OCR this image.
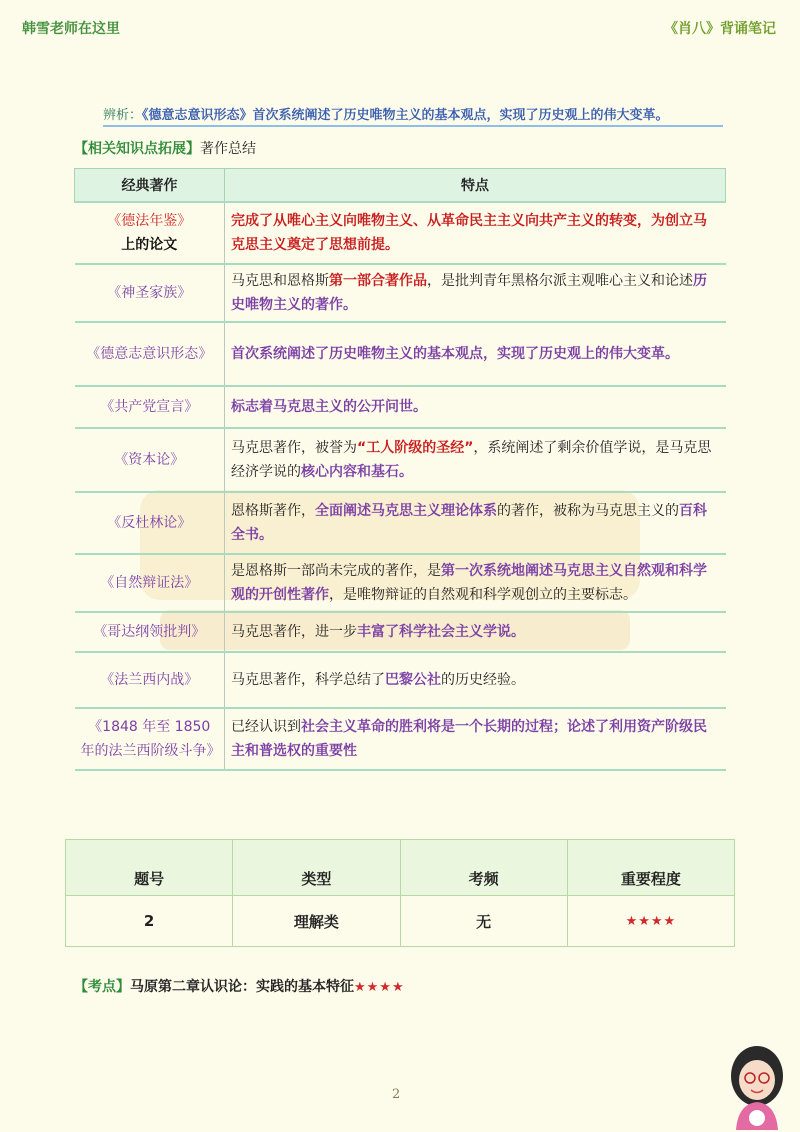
韩雪老师在这里	《肖八》背诵笔记
辨析：《德意志意识形态》首次系统阐述了历史唯物主义的基本观点，实现了历史观上的伟大变革。
【相关知识点拓展】著作总结
经典著作	特点

《德法年鉴》
上的论文	完成了从唯心主义向唯物主义、从革命民主主义向共产主义的转变，为创立马克思主义奠定了思想前提。

《神圣家族》	马克思和恩格斯第一部合著作品，是批判青年黑格尔派主观唯心主义和论述历史唯物主义的著作。

《德意志意识形态》	首次系统阐述了历史唯物主义的基本观点，实现了历史观上的伟大变革。

《共产党宣言》	标志着马克思主义的公开问世。

《资本论》	马克思著作，被誉为“工人阶级的圣经”，系统阐述了剩余价值学说，是马克思经济学说的核心内容和基石。

《反杜林论》	恩格斯著作，全面阐述马克思主义理论体系的著作，被称为马克思主义的百科全书。

《自然辩证法》	是恩格斯一部尚未完成的著作，是第一次系统地阐述马克思主义自然观和科学观的开创性著作，是唯物辩证的自然观和科学观创立的主要标志。

《哥达纲领批判》	马克思著作，进一步丰富了科学社会主义学说。

《法兰西内战》	马克思著作，科学总结了巴黎公社的历史经验。

《1848 年至 1850 年的法兰西阶级斗争》	已经认识到社会主义革命的胜利将是一个长期的过程；论述了利用资产阶级民主和普选权的重要性
题号	类型	考频	重要程度
2	理解类	无	★★★★
【考点】马原第二章认识论：实践的基本特征★★★★
2
